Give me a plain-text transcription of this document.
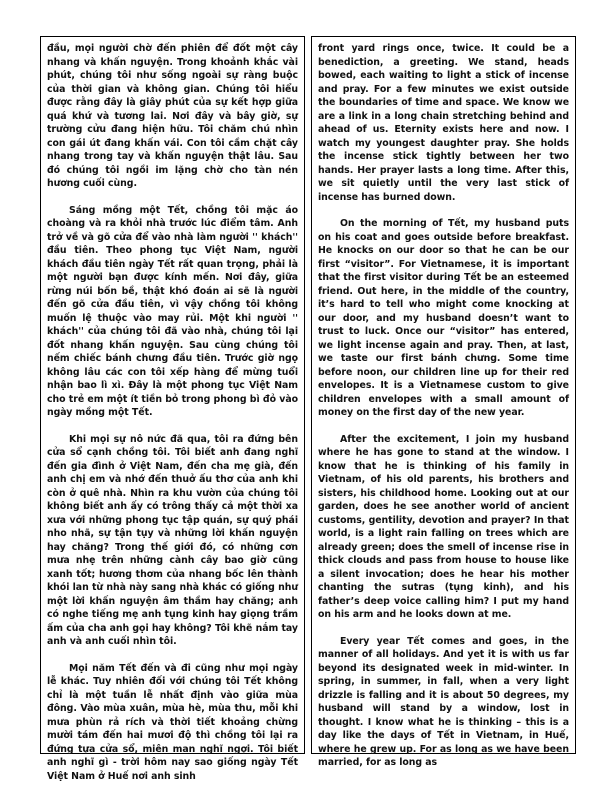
đầu, mọi người chờ đến phiên để đốt một cây nhang và khấn nguyện. Trong khoảnh khắc vài phút, chúng tôi như sống ngoài sự ràng buộc của thời gian và không gian. Chúng tôi hiểu được rằng đây là giây phút của sự kết hợp giữa quá khứ và tương lai. Nơi đây và bây giờ, sự trường cửu đang hiện hữu. Tôi chăm chú nhìn con gái út đang khấn vái. Con tôi cầm chặt cây nhang trong tay và khấn nguyện thật lâu. Sau đó chúng tôi ngồi im lặng chờ cho tàn nén hương cuối cùng.

Sáng mồng một Tết, chồng tôi mặc áo choàng và ra khỏi nhà trước lúc điểm tâm. Anh trở về và gõ cửa để vào nhà làm người '' khách'' đầu tiên. Theo phong tục Việt Nam, người khách đầu tiên ngày Tết rất quan trọng, phải là một người bạn được kính mến. Nơi đây, giữa rừng núi bốn bề, thật khó đoán ai sẽ là người đến gõ cửa đầu tiên, vì vậy chồng tôi không muốn lệ thuộc vào may rủi. Một khi người '' khách'' của chúng tôi đã vào nhà, chúng tôi lại đốt nhang khấn nguyện. Sau cùng chúng tôi nếm chiếc bánh chưng đầu tiên. Trước giờ ngọ không lâu các con tôi xếp hàng để mừng tuổi nhận bao lì xì. Đây là một phong tục Việt Nam cho trẻ em một ít tiền bỏ trong phong bì đỏ vào ngày mồng một Tết.

Khi mọi sự nô nức đã qua, tôi ra đứng bên cửa sổ cạnh chồng tôi. Tôi biết anh đang nghĩ đến gia đình ở Việt Nam, đến cha mẹ già, đến anh chị em và nhớ đến thuở ấu thơ của anh khi còn ở quê nhà. Nhìn ra khu vườn của chúng tôi không biết anh ấy có trông thấy cả một thời xa xưa với những phong tục tập quán, sự quý phái nho nhã, sự tận tụy và những lời khấn nguyện hay chăng? Trong thế giới đó, có những cơn mưa nhẹ trên những cành cây bao giờ cũng xanh tốt; hương thơm của nhang bốc lên thành khói lan từ nhà này sang nhà khác có giống như một lời khấn nguyện âm thầm hay chăng; anh có nghe tiếng mẹ anh tụng kinh hay giọng trầm ấm của cha anh gọi hay không? Tôi khẽ nắm tay anh và anh cuối nhìn tôi.

Mọi năm Tết đến và đi cũng như mọi ngày lễ khác. Tuy nhiên đối với chúng tôi Tết không chỉ là một tuần lễ nhất định vào giữa mùa đông. Vào mùa xuân, mùa hè, mùa thu, mỗi khi mưa phùn rả rích và thời tiết khoảng chừng mười tám đến hai mươi độ thì chồng tôi lại ra đứng tựa cửa sổ, miên man nghĩ ngợi. Tôi biết anh nghĩ gì - trời hôm nay sao giống ngày Tết Việt Nam ở Huế nơi anh sinh

front yard rings once, twice. It could be a benediction, a greeting. We stand, heads bowed, each waiting to light a stick of incense and pray. For a few minutes we exist outside the boundaries of time and space. We know we are a link in a long chain stretching behind and ahead of us. Eternity exists here and now. I watch my youngest daughter pray. She holds the incense stick tightly between her two hands. Her prayer lasts a long time. After this, we sit quietly until the very last stick of incense has burned down.

On the morning of Tết, my husband puts on his coat and goes outside before breakfast. He knocks on our door so that he can be our first “visitor”. For Vietnamese, it is important that the first visitor during Tết be an esteemed friend. Out here, in the middle of the country, it’s hard to tell who might come knocking at our door, and my husband doesn’t want to trust to luck. Once our “visitor” has entered, we light incense again and pray. Then, at last, we taste our first bánh chưng. Some time before noon, our children line up for their red envelopes. It is a Vietnamese custom to give children envelopes with a small amount of money on the first day of the new year.

After the excitement, I join my husband where he has gone to stand at the window. I know that he is thinking of his family in Vietnam, of his old parents, his brothers and sisters, his childhood home. Looking out at our garden, does he see another world of ancient customs, gentility, devotion and prayer? In that world, is a light rain falling on trees which are already green; does the smell of incense rise in thick clouds and pass from house to house like a silent invocation; does he hear his mother chanting the sutras (tụng kinh), and his father’s deep voice calling him? I put my hand on his arm and he looks down at me.

Every year Tết comes and goes, in the manner of all holidays. And yet it is with us far beyond its designated week in mid-winter. In spring, in summer, in fall, when a very light drizzle is falling and it is about 50 degrees, my husband will stand by a window, lost in thought. I know what he is thinking – this is a day like the days of Tết in Vietnam, in Huế, where he grew up. For as long as we have been married, for as long as
